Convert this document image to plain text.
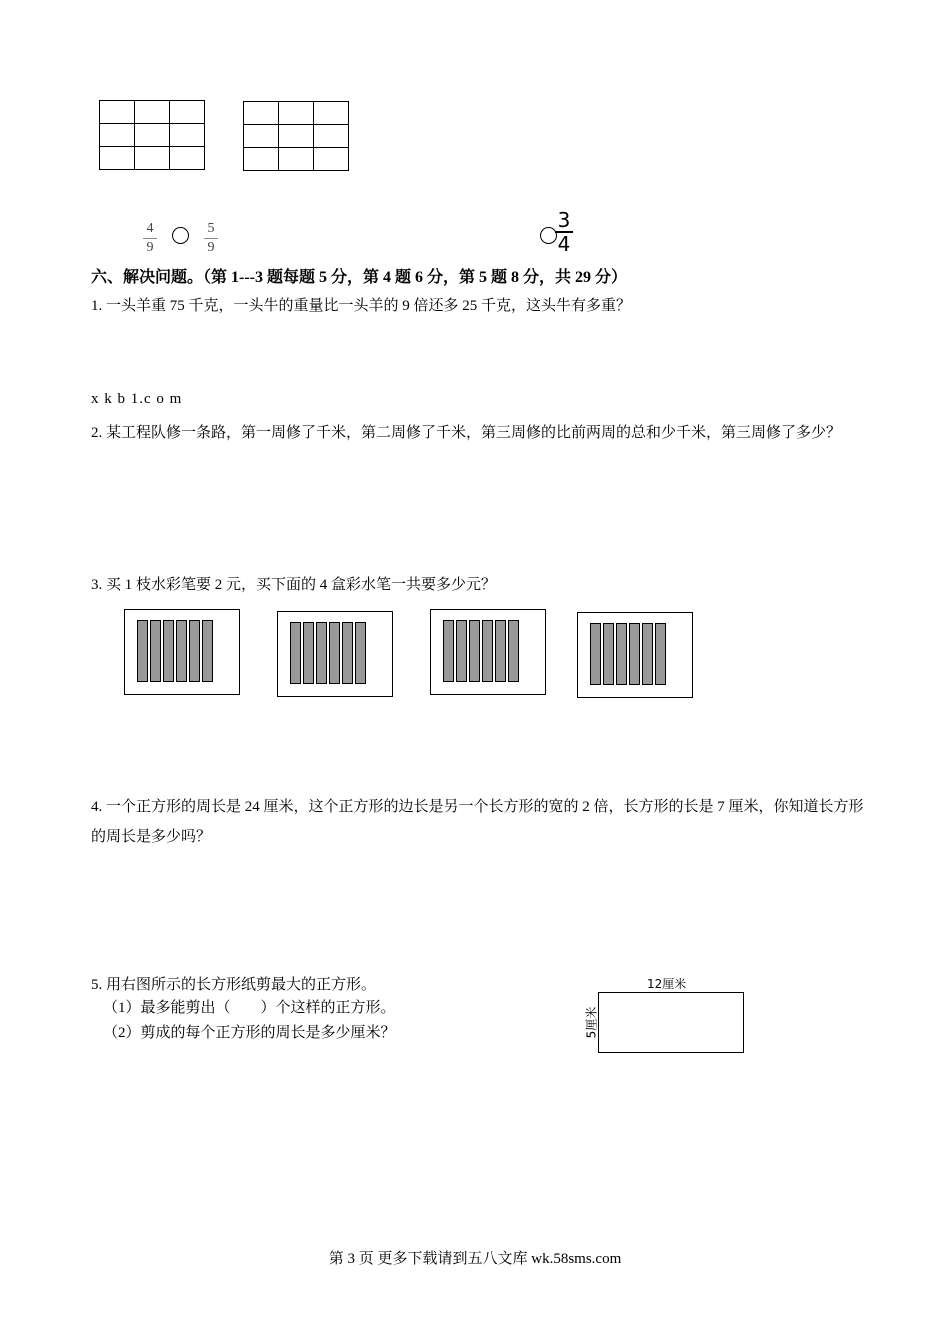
4
9
5
9
3
4
六、解决问题。（第 1---3 题每题 5 分，第 4 题 6 分，第 5 题 8 分，共 29 分）
1. 一头羊重 75 千克，一头牛的重量比一头羊的 9 倍还多 25 千克，这头牛有多重？
x k b 1.c o m
2. 某工程队修一条路，第一周修了千米，第二周修了千米，第三周修的比前两周的总和少千米，第三周修了多少？
3. 买 1 枝水彩笔要 2 元，买下面的 4 盒彩水笔一共要多少元？
4. 一个正方形的周长是 24 厘米，这个正方形的边长是另一个长方形的宽的 2 倍，长方形的长是 7 厘米，你知道长方形的周长是多少吗？
5. 用右图所示的长方形纸剪最大的正方形。
（1）最多能剪出（　　）个这样的正方形。
（2）剪成的每个正方形的周长是多少厘米？
12厘米
5厘米
第 3 页 更多下载请到五八文库 wk.58sms.com
